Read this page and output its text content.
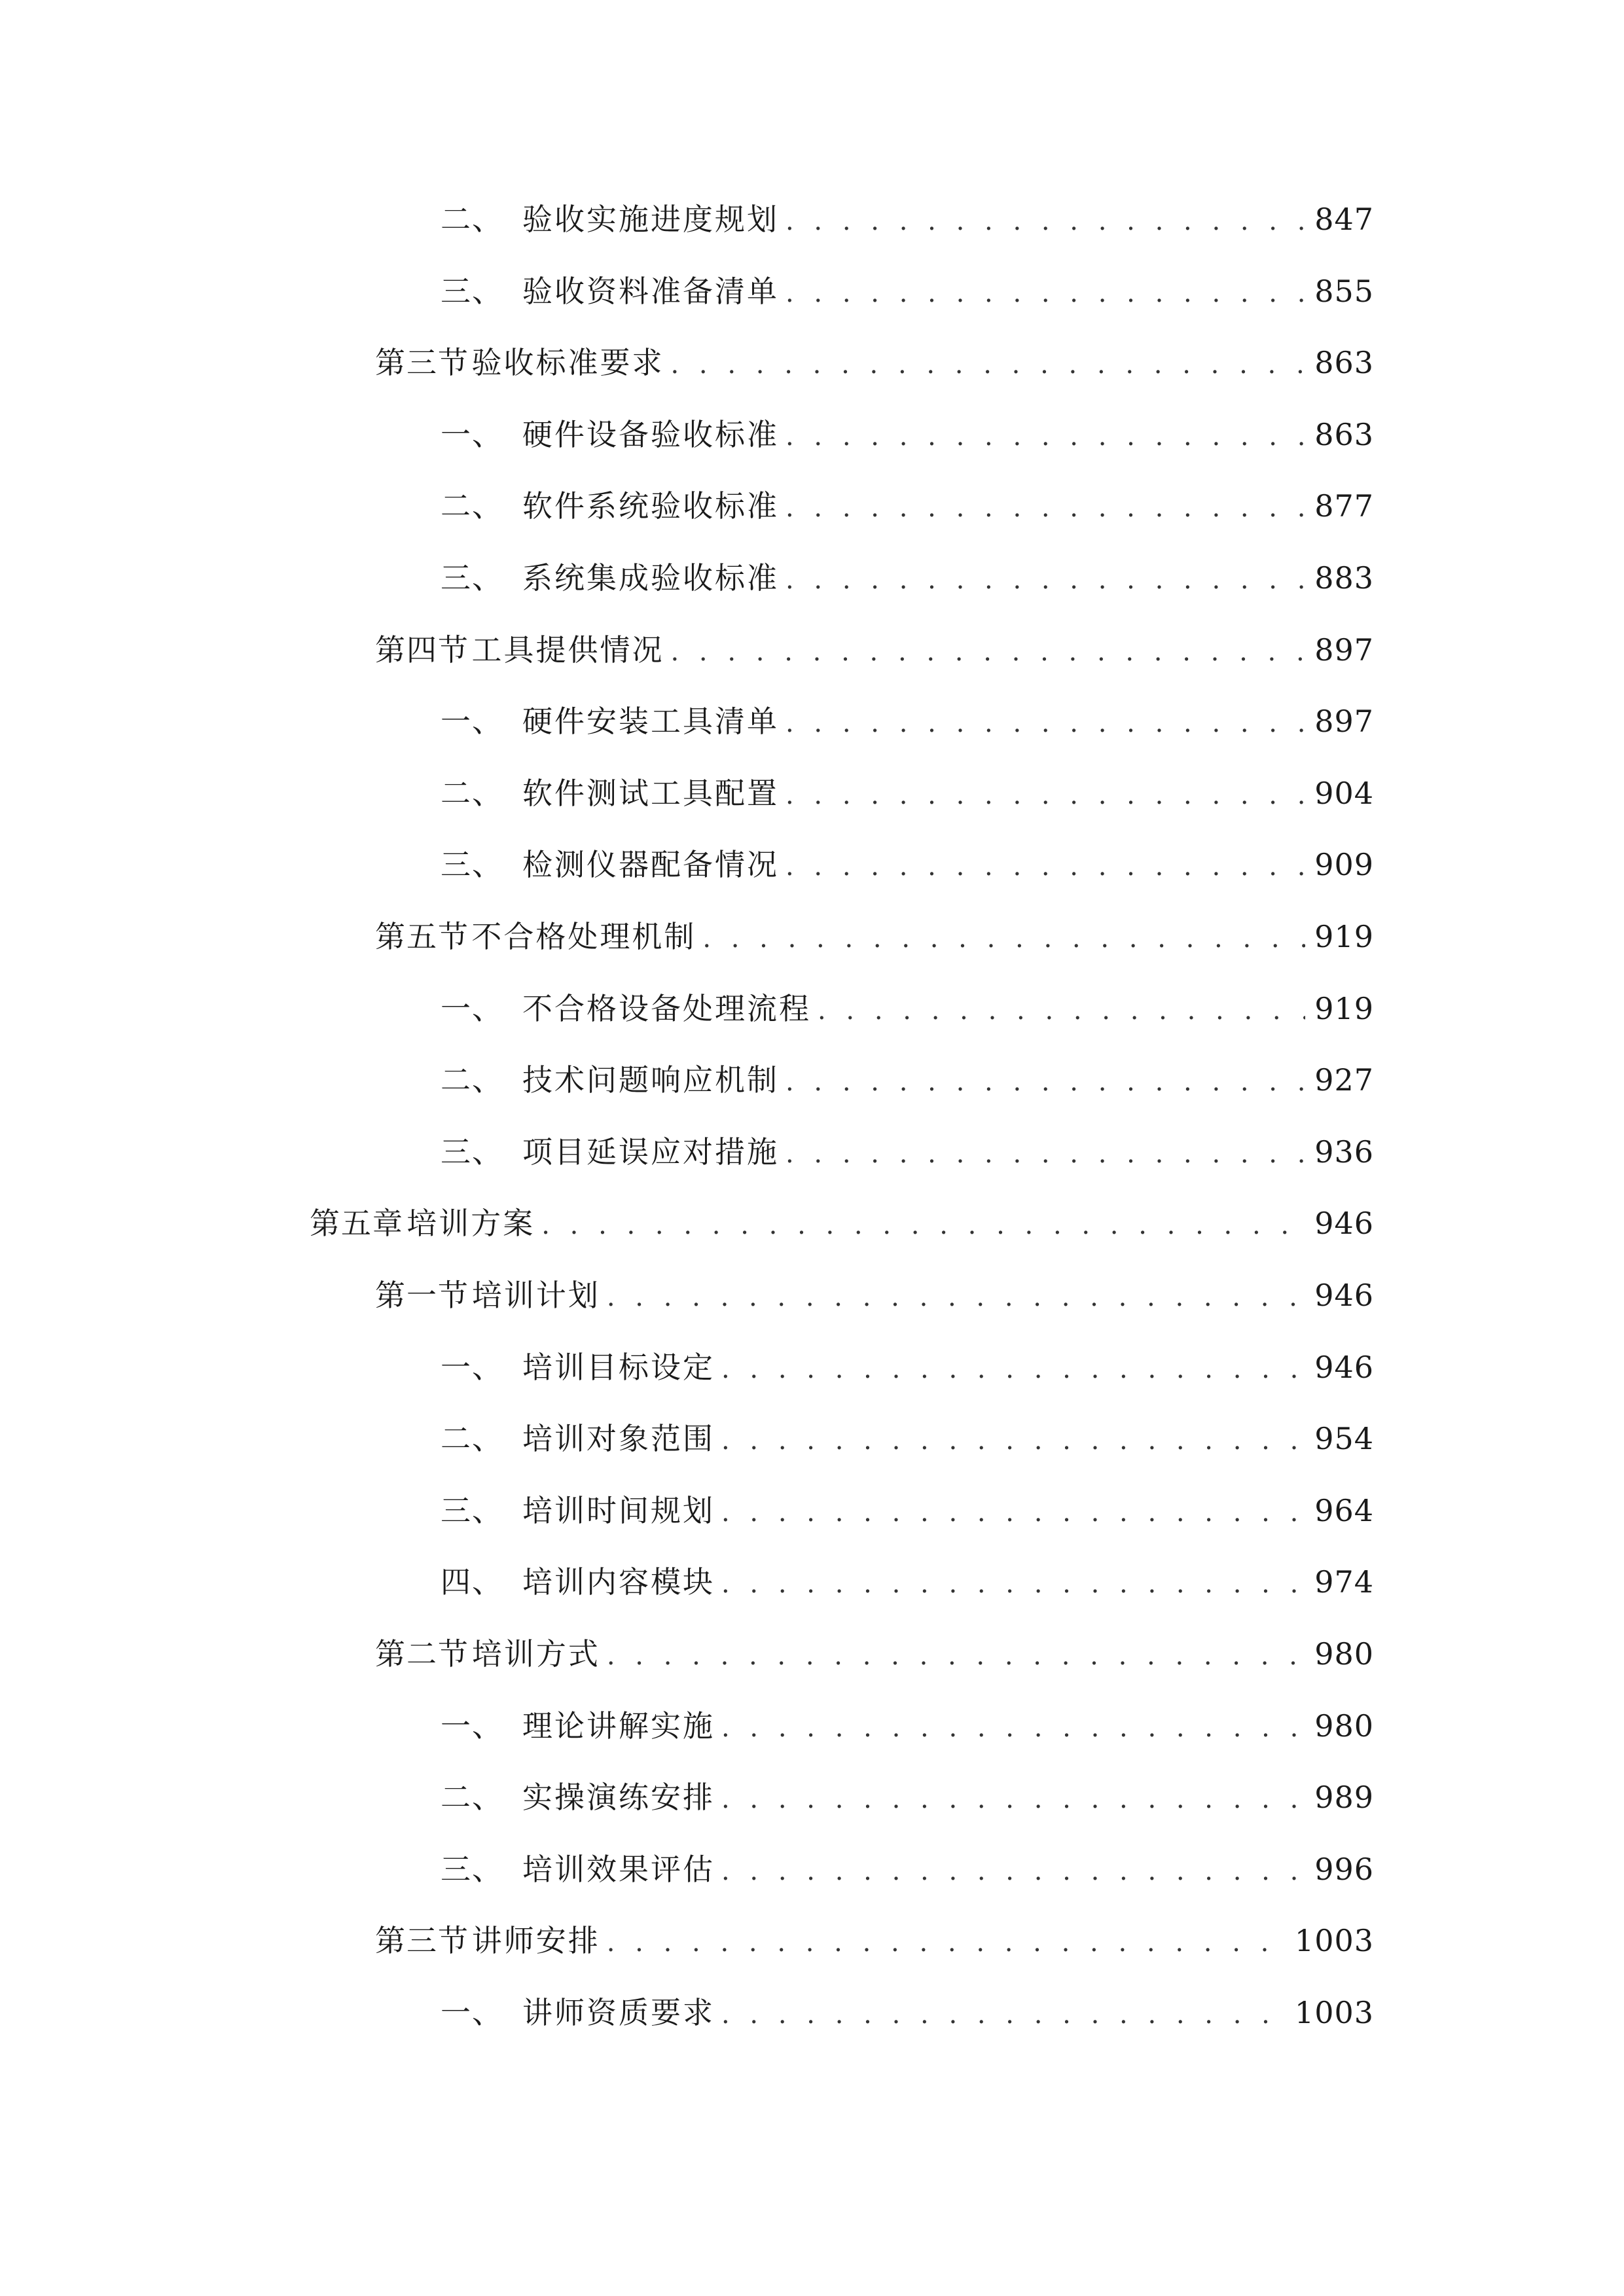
二、 验收实施进度规划 . . .	847
三、 验收资料准备清单 . . .	855
第三节 验收标准要求 . . .	863
一、 硬件设备验收标准 . . .	863
二、 软件系统验收标准 . . .	877
三、 系统集成验收标准 . . .	883
第四节 工具提供情况 . . .	897
一、 硬件安装工具清单 . . .	897
二、 软件测试工具配置 . . .	904
三、 检测仪器配备情况 . . .	909
第五节 不合格处理机制 . . .	919
一、 不合格设备处理流程 . . .	919
二、 技术问题响应机制 . . .	927
三、 项目延误应对措施 . . .	936
第五章 培训方案 . . .	946
第一节 培训计划 . . .	946
一、 培训目标设定 . . .	946
二、 培训对象范围 . . .	954
三、 培训时间规划 . . .	964
四、 培训内容模块 . . .	974
第二节 培训方式 . . .	980
一、 理论讲解实施 . . .	980
二、 实操演练安排 . . .	989
三、 培训效果评估 . . .	996
第三节 讲师安排 . . .	1003
一、 讲师资质要求 . . .	1003
